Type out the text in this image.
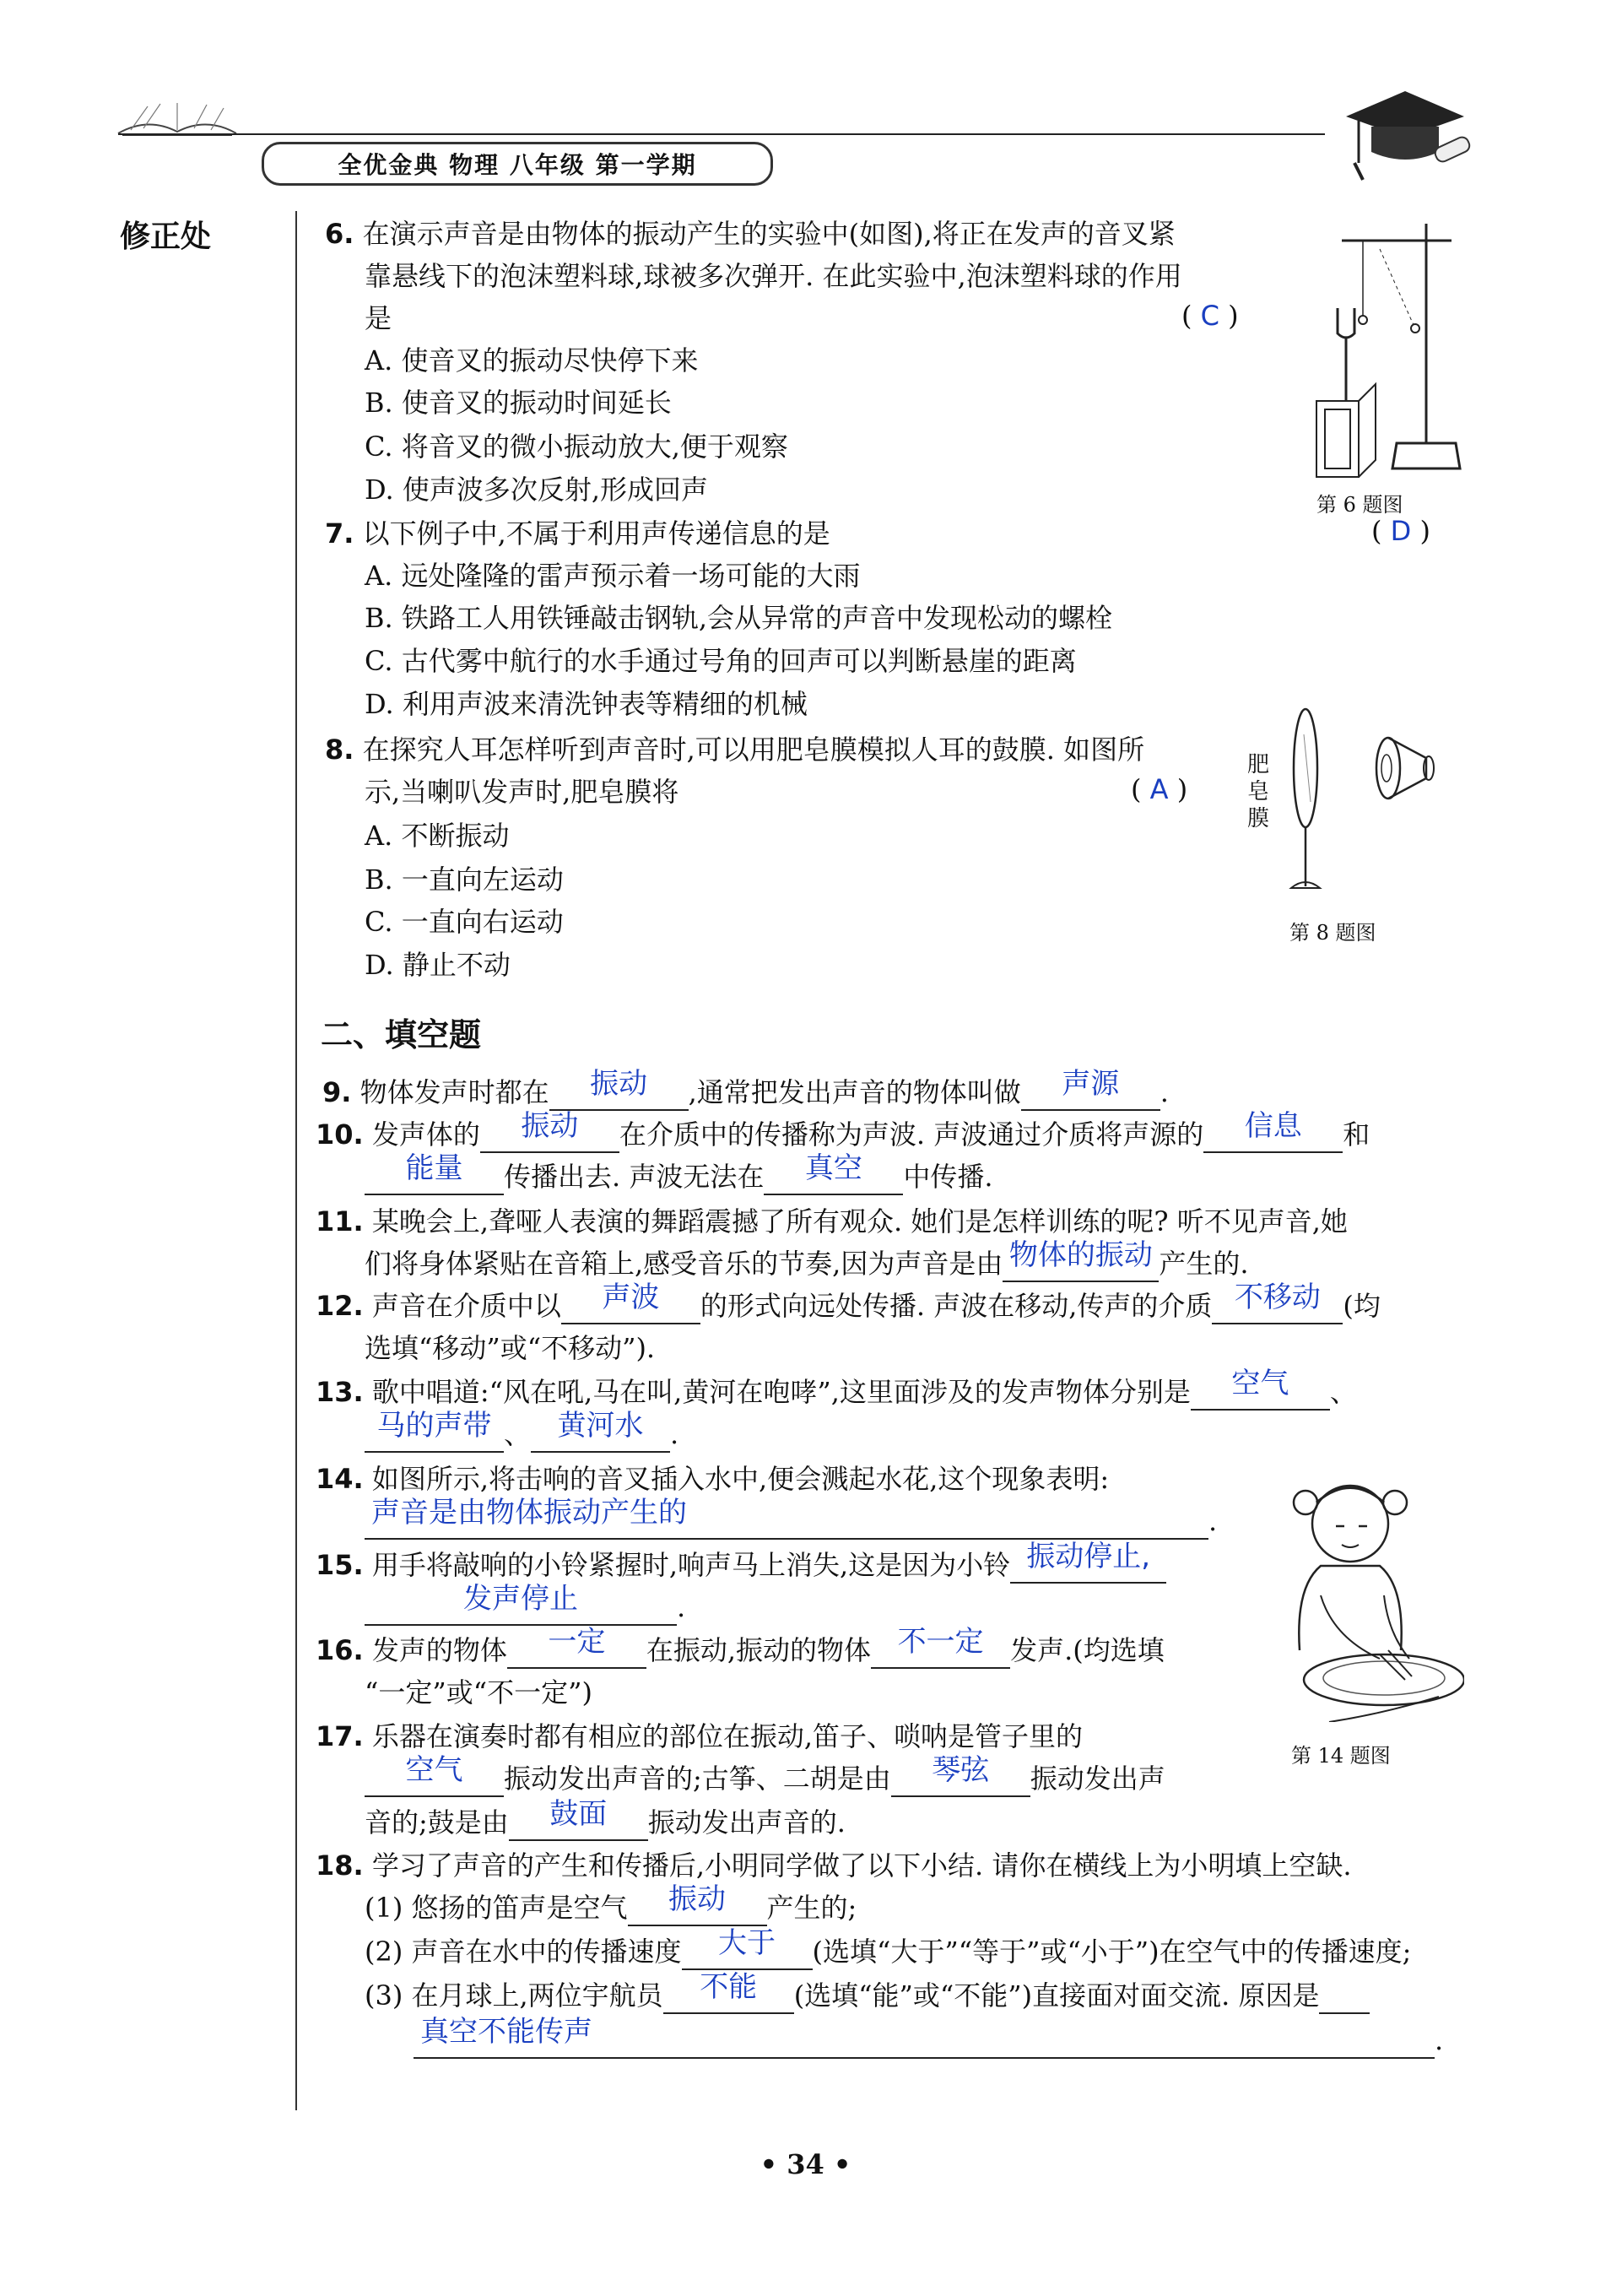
全优金典 物理 八年级 第一学期
修正处	6. 在演示声音是由物体的振动产生的实验中(如图),将正在发声的音叉紧
靠悬线下的泡沫塑料球,球被多次弹开. 在此实验中,泡沫塑料球的作用
是	( C )
A. 使音叉的振动尽快停下来
B. 使音叉的振动时间延长
C. 将音叉的微小振动放大,便于观察
D. 使声波多次反射,形成回声	第 6 题图
7. 以下例子中,不属于利用声传递信息的是	( D )
A. 远处隆隆的雷声预示着一场可能的大雨
B. 铁路工人用铁锤敲击钢轨,会从异常的声音中发现松动的螺栓
C. 古代雾中航行的水手通过号角的回声可以判断悬崖的距离
D. 利用声波来清洗钟表等精细的机械
8. 在探究人耳怎样听到声音时,可以用肥皂膜模拟人耳的鼓膜. 如图所
示,当喇叭发声时,肥皂膜将	( A )
A. 不断振动
B. 一直向左运动
C. 一直向右运动
D. 静止不动
肥皂膜
第 8 题图
二、填空题
9. 物体发声时都在	振动	,通常把发出声音的物体叫做	声源	.
10. 发声体的	振动	在介质中的传播称为声波. 声波通过介质将声源的	信息	和
能量	传播出去. 声波无法在	真空	中传播.
11. 某晚会上,聋哑人表演的舞蹈震撼了所有观众. 她们是怎样训练的呢? 听不见声音,她
们将身体紧贴在音箱上,感受音乐的节奏,因为声音是由 物体的振动 产生的.
12. 声音在介质中以	声波	的形式向远处传播. 声波在移动,传声的介质 不移动 (均
选填“移动”或“不移动”).
13. 歌中唱道:“风在吼,马在叫,黄河在咆哮”,这里面涉及的发声物体分别是	空气	、
马的声带 、 黄河水 .
14. 如图所示,将击响的音叉插入水中,便会溅起水花,这个现象表明:
声音是由物体振动产生的	.
15. 用手将敲响的小铃紧握时,响声马上消失,这是因为小铃 振动停止,
发声停止	.
16. 发声的物体	一定	在振动,振动的物体 不一定 发声.(均选填
“一定”或“不一定”)
17. 乐器在演奏时都有相应的部位在振动,笛子、唢呐是管子里的
空气	振动发出声音的;古筝、二胡是由	琴弦	振动发出声
音的;鼓是由	鼓面	振动发出声音的.
第 14 题图
18. 学习了声音的产生和传播后,小明同学做了以下小结. 请你在横线上为小明填上空缺.
(1) 悠扬的笛声是空气	振动	产生的;
(2) 声音在水中的传播速度	大于	(选填“大于”“等于”或“小于”)在空气中的传播速度;
(3) 在月球上,两位宇航员	不能	(选填“能”或“不能”)直接面对面交流. 原因是
真空不能传声	.
• 34 •
